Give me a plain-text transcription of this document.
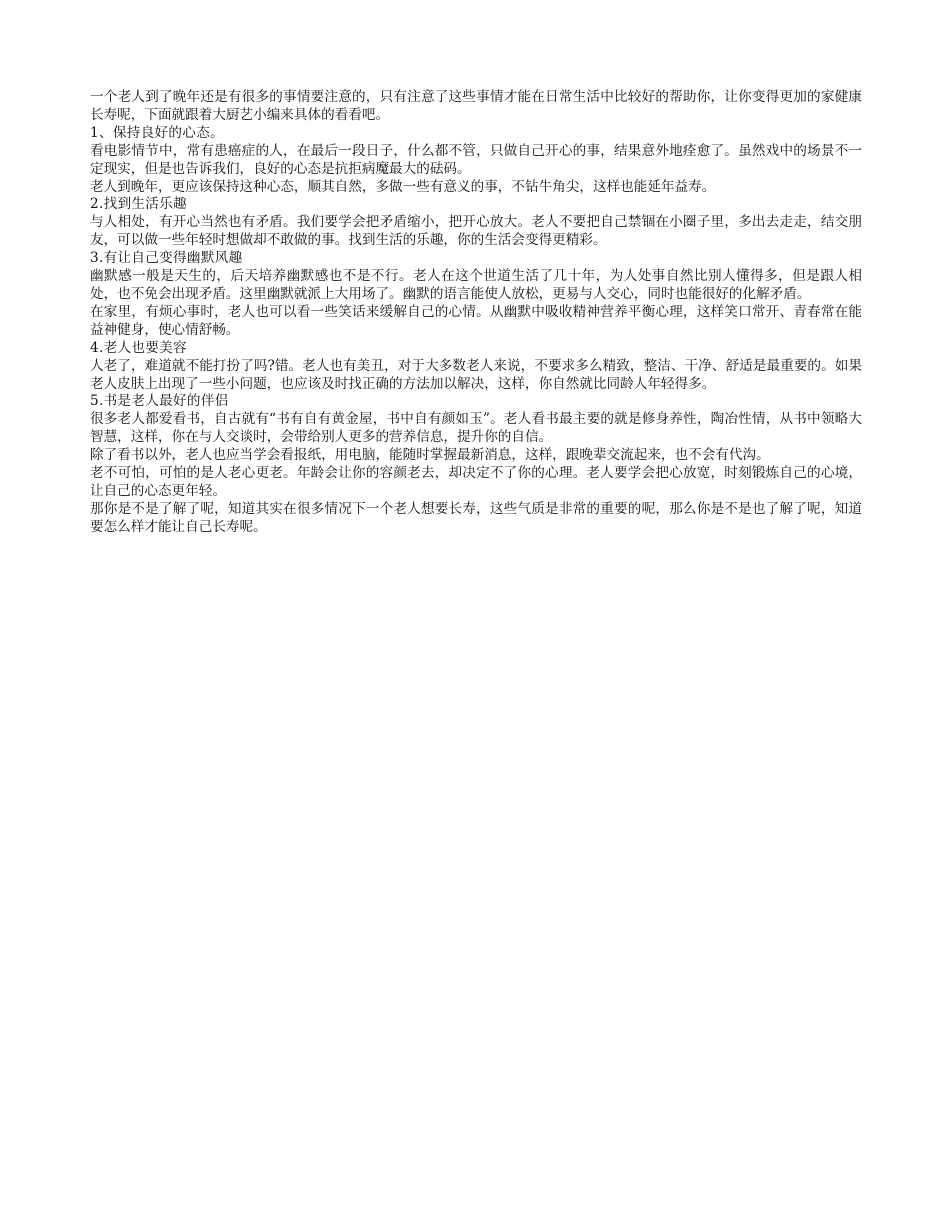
一个老人到了晚年还是有很多的事情要注意的，只有注意了这些事情才能在日常生活中比较好的帮助你，让你变得更加的家健康长寿呢，下面就跟着大厨艺小编来具体的看看吧。

1、保持良好的心态。

看电影情节中，常有患癌症的人，在最后一段日子，什么都不管，只做自己开心的事，结果意外地痊愈了。虽然戏中的场景不一定现实，但是也告诉我们，良好的心态是抗拒病魔最大的砝码。

老人到晚年，更应该保持这种心态，顺其自然，多做一些有意义的事，不钻牛角尖，这样也能延年益寿。

2.找到生活乐趣

与人相处，有开心当然也有矛盾。我们要学会把矛盾缩小，把开心放大。老人不要把自己禁锢在小圈子里，多出去走走，结交朋友，可以做一些年轻时想做却不敢做的事。找到生活的乐趣，你的生活会变得更精彩。

3.有让自己变得幽默风趣

幽默感一般是天生的，后天培养幽默感也不是不行。老人在这个世道生活了几十年，为人处事自然比别人懂得多，但是跟人相处，也不免会出现矛盾。这里幽默就派上大用场了。幽默的语言能使人放松，更易与人交心，同时也能很好的化解矛盾。

在家里，有烦心事时，老人也可以看一些笑话来缓解自己的心情。从幽默中吸收精神营养平衡心理，这样笑口常开、青春常在能益神健身，使心情舒畅。

4.老人也要美容

人老了，难道就不能打扮了吗?错。老人也有美丑，对于大多数老人来说，不要求多么精致，整洁、干净、舒适是最重要的。如果老人皮肤上出现了一些小问题，也应该及时找正确的方法加以解决，这样，你自然就比同龄人年轻得多。

5.书是老人最好的伴侣

很多老人都爱看书，自古就有“书有自有黄金屋，书中自有颜如玉”。老人看书最主要的就是修身养性，陶冶性情，从书中领略大智慧，这样，你在与人交谈时，会带给别人更多的营养信息，提升你的自信。

除了看书以外，老人也应当学会看报纸，用电脑，能随时掌握最新消息，这样，跟晚辈交流起来，也不会有代沟。

老不可怕，可怕的是人老心更老。年龄会让你的容颜老去，却决定不了你的心理。老人要学会把心放宽，时刻锻炼自己的心境，让自己的心态更年轻。

那你是不是了解了呢，知道其实在很多情况下一个老人想要长寿，这些气质是非常的重要的呢，那么你是不是也了解了呢，知道要怎么样才能让自己长寿呢。
